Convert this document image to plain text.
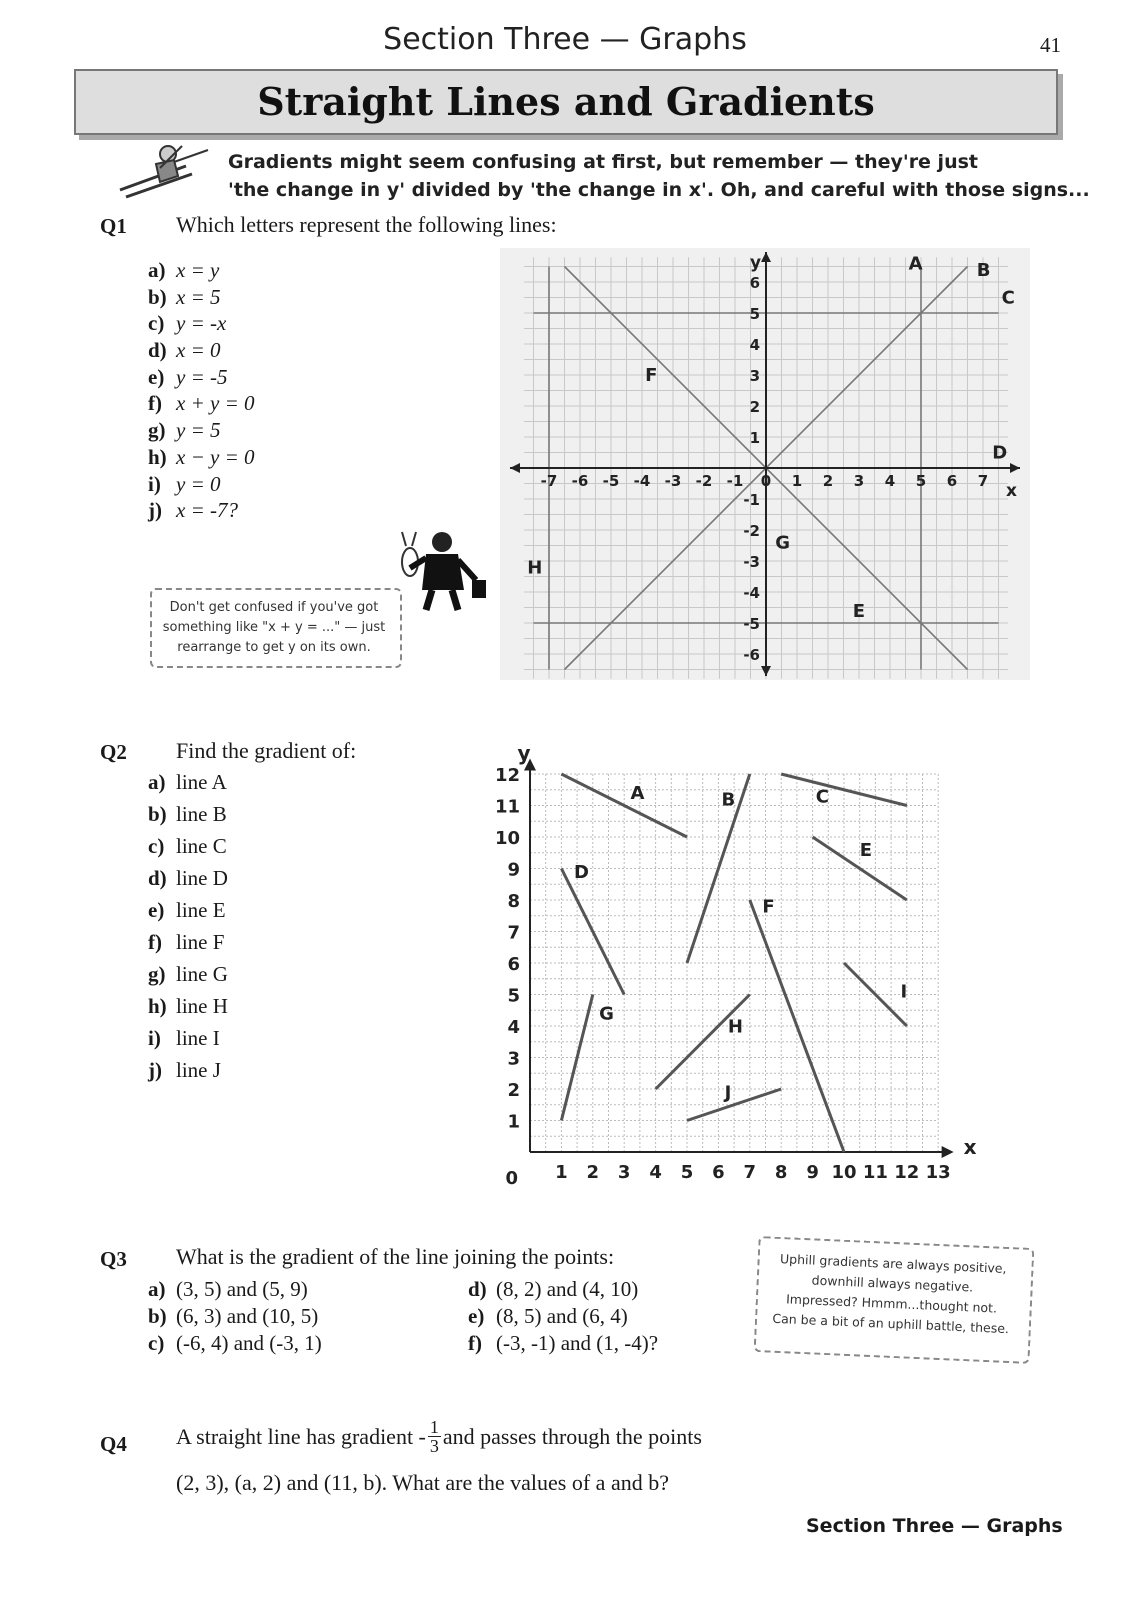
Section Three — Graphs	41
Straight Lines and Gradients
Gradients might seem confusing at first, but remember — they're just
'the change in y' divided by 'the change in x'. Oh, and careful with those signs...
Q1 Which letters represent the following lines:
a) x = y
b) x = 5
c) y = -x
d) x = 0
e) y = -5
f) x + y = 0
g) y = 5
h) x − y = 0
i) y = 0
j) x = -7?
Don't get confused if you've got
something like "x + y = ..." — just
rearrange to get y on its own.
-7 -6 -5 -4 -3 -2 -1 0 1 2 3 4 5 6 7
-6
-5
-4
-3
-2
-1
1
2
3
4
5
6
y
x
A	B
C
D
E
F
G
H
Q2 Find the gradient of:
a) line A
b) line B
c) line C
d) line D
e) line E
f) line F
g) line G
h) line H
i) line I
j) line J
1 2 3 4 5 6 7 8 9 10 11 12 13
1
2
3
4
5
6
7
8
9
10
11
12
0
y
x
A	B	C
D
E
F
G
H
I
J
Q3 What is the gradient of the line joining the points:
a) (3, 5) and (5, 9)
b) (6, 3) and (10, 5)
c) (-6, 4) and (-3, 1)
d) (8, 2) and (4, 10)
e) (8, 5) and (6, 4)
f) (-3, -1) and (1, -4)?
Uphill gradients are always positive,
downhill always negative.
Impressed? Hmmm...thought not.
Can be a bit of an uphill battle, these.
Q4 A straight line has gradient - $\frac{1}{3}$ and passes through the points
(2, 3), (a, 2) and (11, b). What are the values of a and b?
Section Three — Graphs
